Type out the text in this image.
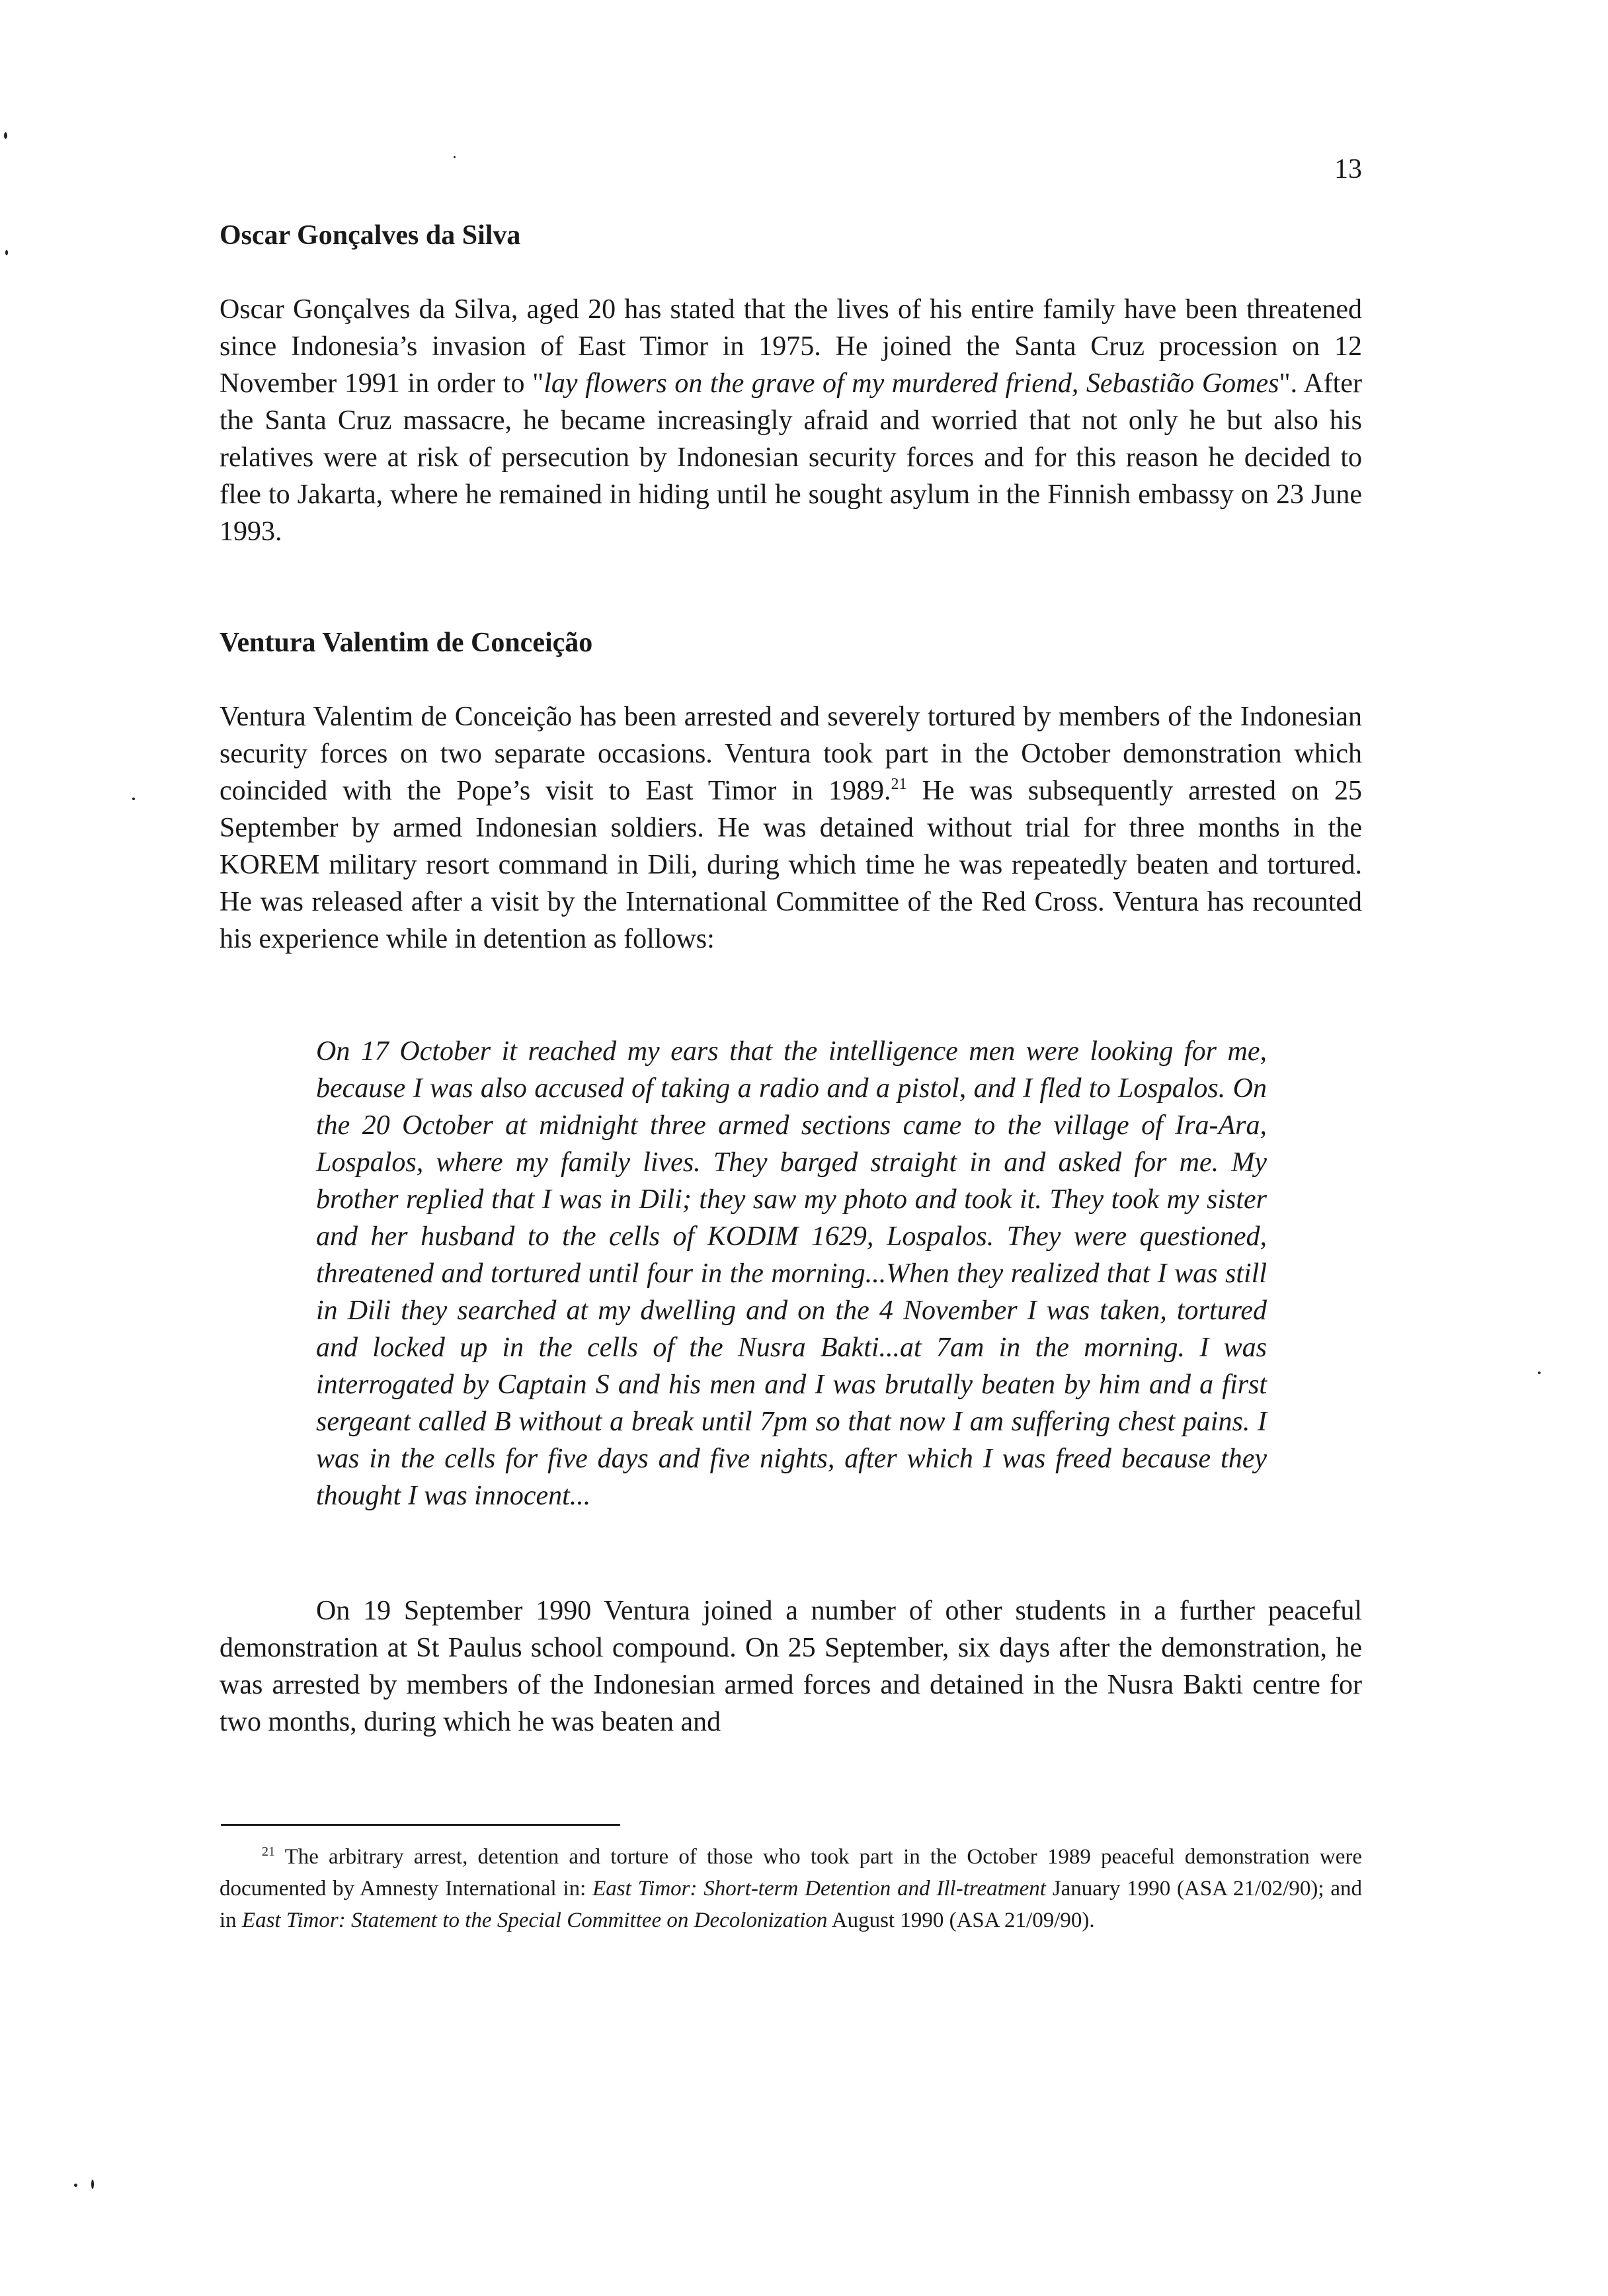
13
Oscar Gonçalves da Silva

Oscar Gonçalves da Silva, aged 20 has stated that the lives of his entire family have been threatened since Indonesia’s invasion of East Timor in 1975. He joined the Santa Cruz procession on 12 November 1991 in order to "lay flowers on the grave of my murdered friend, Sebastião Gomes". After the Santa Cruz massacre, he became increasingly afraid and worried that not only he but also his relatives were at risk of persecution by Indonesian security forces and for this reason he decided to flee to Jakarta, where he remained in hiding until he sought asylum in the Finnish embassy on 23 June 1993.

Ventura Valentim de Conceição

Ventura Valentim de Conceição has been arrested and severely tortured by members of the Indonesian security forces on two separate occasions. Ventura took part in the October demonstration which coincided with the Pope’s visit to East Timor in 1989.21 He was subsequently arrested on 25 September by armed Indonesian soldiers. He was detained without trial for three months in the KOREM military resort command in Dili, during which time he was repeatedly beaten and tortured. He was released after a visit by the International Committee of the Red Cross. Ventura has recounted his experience while in detention as follows:

On 17 October it reached my ears that the intelligence men were looking for me, because I was also accused of taking a radio and a pistol, and I fled to Lospalos. On the 20 October at midnight three armed sections came to the village of Ira-Ara, Lospalos, where my family lives. They barged straight in and asked for me. My brother replied that I was in Dili; they saw my photo and took it. They took my sister and her husband to the cells of KODIM 1629, Lospalos. They were questioned, threatened and tortured until four in the morning...When they realized that I was still in Dili they searched at my dwelling and on the 4 November I was taken, tortured and locked up in the cells of the Nusra Bakti...at 7am in the morning. I was interrogated by Captain S and his men and I was brutally beaten by him and a first sergeant called B without a break until 7pm so that now I am suffering chest pains. I was in the cells for five days and five nights, after which I was freed because they thought I was innocent...

On 19 September 1990 Ventura joined a number of other students in a further peaceful demonstration at St Paulus school compound. On 25 September, six days after the demonstration, he was arrested by members of the Indonesian armed forces and detained in the Nusra Bakti centre for two months, during which he was beaten and

$^{21}$ The arbitrary arrest, detention and torture of those who took part in the October 1989 peaceful demonstration were documented by Amnesty International in: East Timor: Short-term Detention and Ill-treatment January 1990 (ASA 21/02/90); and in East Timor: Statement to the Special Committee on Decolonization August 1990 (ASA 21/09/90).
